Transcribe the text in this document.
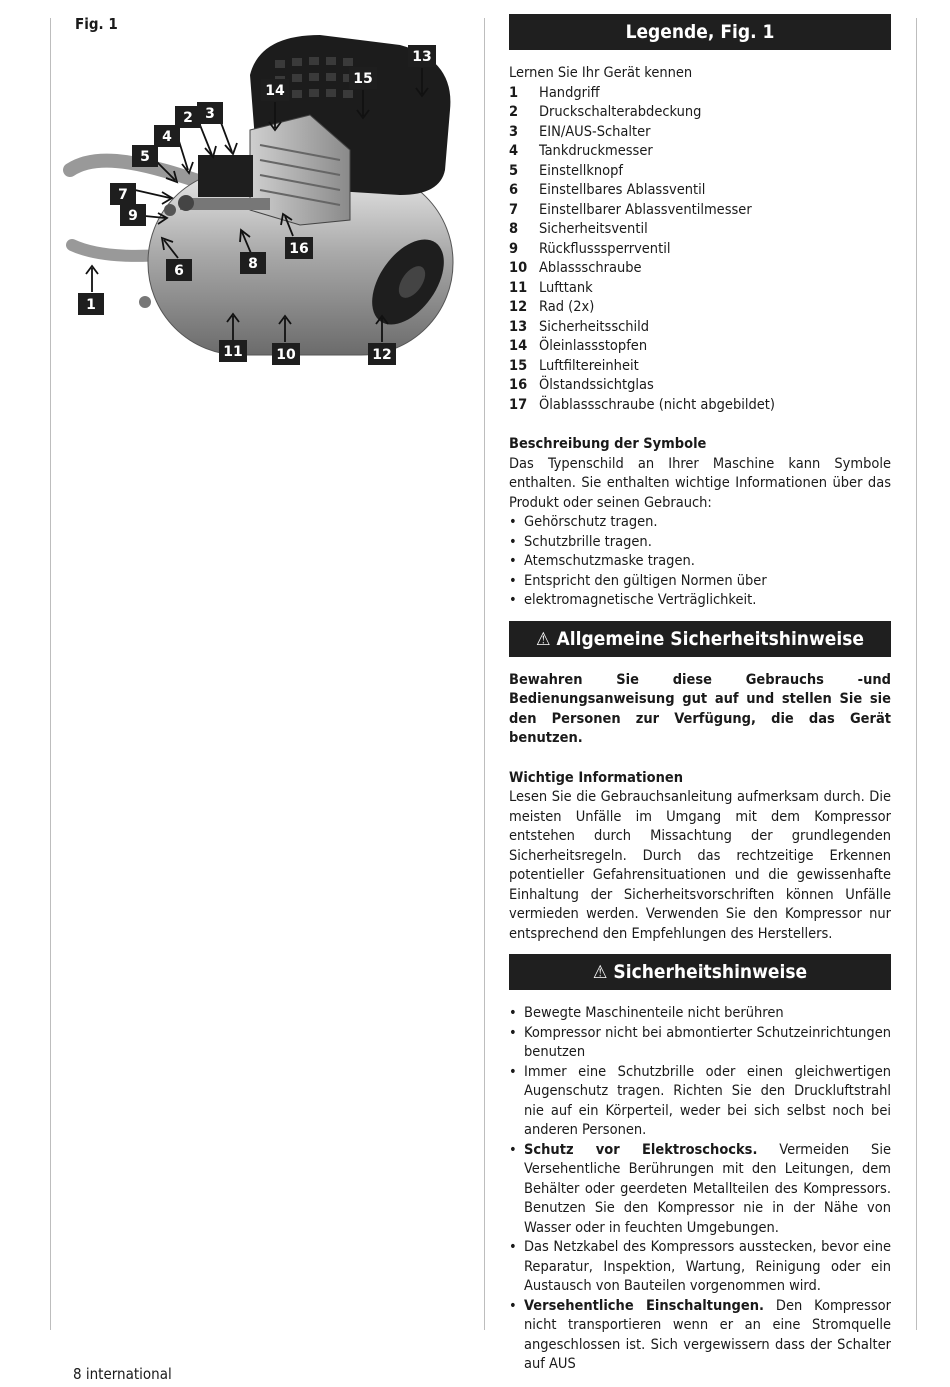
Fig. 1
1
2 3
4
5
6
7
8
9
10
11	12
13
14
15
16
Legende, Fig. 1
Lernen Sie Ihr Gerät kennen
1	Handgriff
2	Druckschalterabdeckung
3	EIN/AUS-Schalter
4	Tankdruckmesser
5	Einstellknopf
6	Einstellbares Ablassventil
7	Einstellbarer Ablassventilmesser
8	Sicherheitsventil
9	Rückflusssperrventil
10 Ablassschraube
11 Lufttank
12 Rad (2x)
13 Sicherheitsschild
14 Öleinlassstopfen
15 Luftfiltereinheit
16 Ölstandssichtglas
17 Ölablassschraube (nicht abgebildet)
Beschreibung der Symbole
Das Typenschild an Ihrer Maschine kann Symbole enthalten. Sie enthalten wichtige Informationen über das Produkt oder seinen Gebrauch:
• Gehörschutz tragen.
• Schutzbrille tragen.
• Atemschutzmaske tragen.
• Entspricht den gültigen Normen über
• elektromagnetische Verträglichkeit.
⚠ Allgemeine Sicherheitshinweise
Bewahren Sie diese Gebrauchs -und Bedienungsanweisung gut auf und stellen Sie sie den Personen zur Verfügung, die das Gerät benutzen.
Wichtige Informationen
Lesen Sie die Gebrauchsanleitung aufmerksam durch. Die meisten Unfälle im Umgang mit dem Kompressor entstehen durch Missachtung der grundlegenden Sicherheitsregeln. Durch das rechtzeitige Erkennen potentieller Gefahrensituationen und die gewissenhafte Einhaltung der Sicherheitsvorschriften können Unfälle vermieden werden. Verwenden Sie den Kompressor nur entsprechend den Empfehlungen des Herstellers.
⚠ Sicherheitshinweise
• Bewegte Maschinenteile nicht berühren
• Kompressor nicht bei abmontierter Schutzeinrichtungen benutzen
• Immer eine Schutzbrille oder einen gleichwertigen Augenschutz tragen. Richten Sie den Druckluftstrahl nie auf ein Körperteil, weder bei sich selbst noch bei anderen Personen.
• Schutz vor Elektroschocks. Vermeiden Sie Versehentliche Berührungen mit den Leitungen, dem Behälter oder geerdeten Metallteilen des Kompressors. Benutzen Sie den Kompressor nie in der Nähe von Wasser oder in feuchten Umgebungen.
• Das Netzkabel des Kompressors ausstecken, bevor eine Reparatur, Inspektion, Wartung, Reinigung oder ein Austausch von Bauteilen vorgenommen wird.
• Versehentliche Einschaltungen. Den Kompressor nicht transportieren wenn er an eine Stromquelle angeschlossen ist. Sich vergewissern dass der Schalter auf AUS
8 international
